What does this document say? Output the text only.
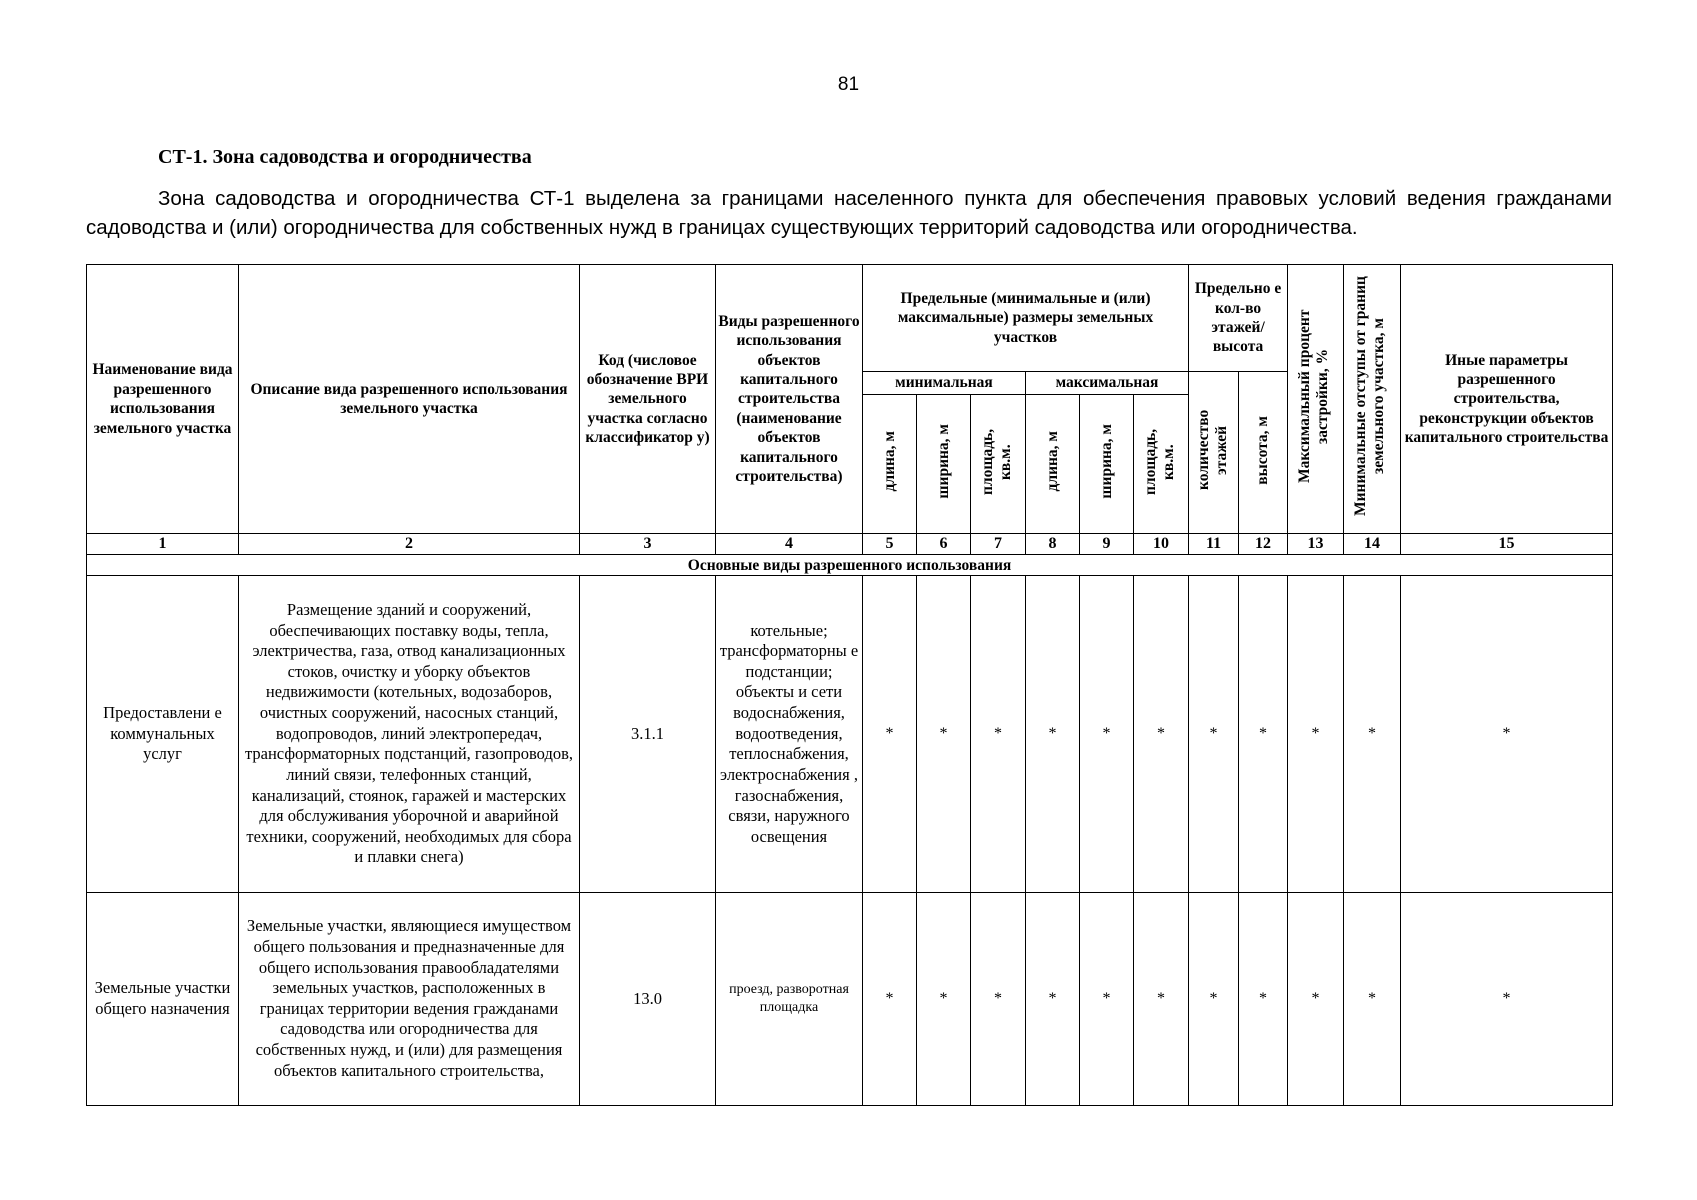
81
СТ-1. Зона садоводства и огородничества
Зона садоводства и огородничества СТ-1 выделена за границами населенного пункта для обеспечения правовых условий ведения гражданами садоводства и (или) огородничества для собственных нужд в границах существующих территорий садоводства или огородничества.
Наименование вида разрешенного использования земельного участка	Описание вида разрешенного использования земельного участка	Код (числовое обозначение ВРИ земельного участка согласно классификатор у)	Виды разрешенного использования объектов капитального строительства (наименование объектов капитального строительства)	Предельные (минимальные и (или) максимальные) размеры земельных участков						Предельно е кол-во этажей/ высота		Максимальный процент застройки, %	Минимальные отступы от границ земельного участка, м	Иные параметры разрешенного строительства, реконструкции объектов капитального строительства
				минимальная			максимальная			количество этажей	высота, м			
				длина, м	ширина, м	площадь, кв.м.	длина, м	ширина, м	площадь, кв.м.					
1	2	3	4	5	6	7	8	9	10	11	12	13	14	15
Основные виды разрешенного использования														
Предоставлени е коммунальных услуг	Размещение зданий и сооружений, обеспечивающих поставку воды, тепла, электричества, газа, отвод канализационных стоков, очистку и уборку объектов недвижимости (котельных, водозаборов, очистных сооружений, насосных станций, водопроводов, линий электропередач, трансформаторных подстанций, газопроводов, линий связи, телефонных станций, канализаций, стоянок, гаражей и мастерских для обслуживания уборочной и аварийной техники, сооружений, необходимых для сбора и плавки снега)	3.1.1	котельные; трансформаторны е подстанции; объекты и сети водоснабжения, водоотведения, теплоснабжения, электроснабжения , газоснабжения, связи, наружного освещения	*	*	*	*	*	*	*	*	*	*	*
Земельные участки общего назначения	Земельные участки, являющиеся имуществом общего пользования и предназначенные для общего использования правообладателями земельных участков, расположенных в границах территории ведения гражданами садоводства или огородничества для собственных нужд, и (или) для размещения объектов капитального строительства,	13.0	проезд, разворотная площадка	*	*	*	*	*	*	*	*	*	*	*
